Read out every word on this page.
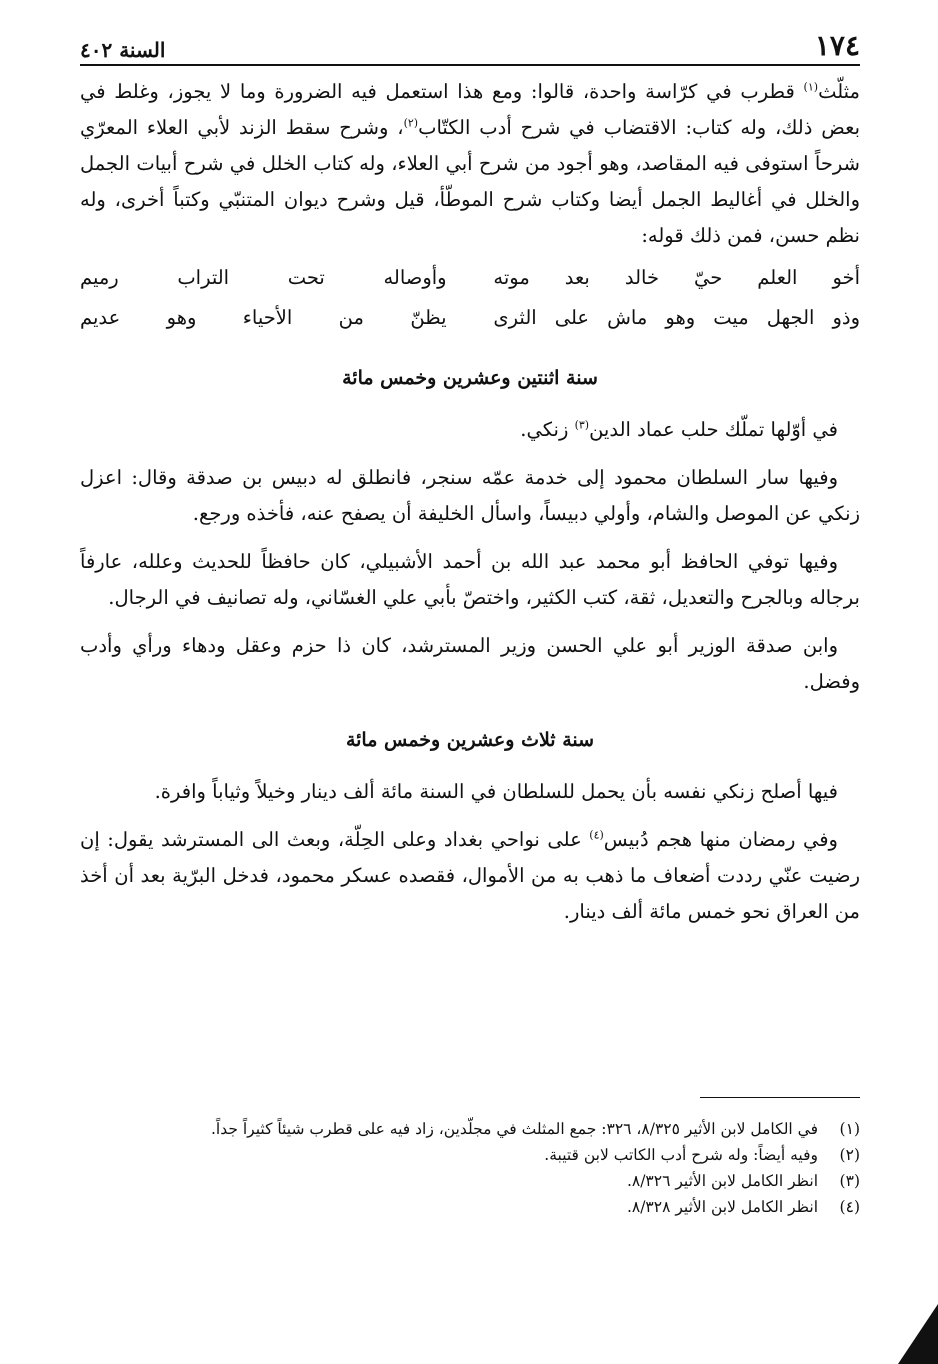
١٧٤
السنة ٤٠٢

مثلّث$^{(١)}$ قطرب في كرّاسة واحدة، قالوا: ومع هذا استعمل فيه الضرورة وما لا يجوز، وغلط في بعض ذلك، وله كتاب: الاقتضاب في شرح أدب الكتّاب$^{(٢)}$، وشرح سقط الزند لأبي العلاء المعرّي شرحاً استوفى فيه المقاصد، وهو أجود من شرح أبي العلاء، وله كتاب الخلل في شرح أبيات الجمل والخلل في أغاليط الجمل أيضا وكتاب شرح الموطّأ، قيل وشرح ديوان المتنبّي وكتباً أخرى، وله نظم حسن، فمن ذلك قوله:

أخو العلم حيّ خالد بعد موته
وأوصاله تحت التراب رميم
وذو الجهل ميت وهو ماش على الثرى
يظنّ من الأحياء وهو عديم

سنة اثنتين وعشرين وخمس مائة

في أوّلها تملّك حلب عماد الدين$^{(٣)}$ زنكي.

وفيها سار السلطان محمود إلى خدمة عمّه سنجر، فانطلق له دبيس بن صدقة وقال: اعزل زنكي عن الموصل والشام، وأولي دبيساً، واسأل الخليفة أن يصفح عنه، فأخذه ورجع.

وفيها توفي الحافظ أبو محمد عبد الله بن أحمد الأشبيلي، كان حافظاً للحديث وعلله، عارفاً برجاله وبالجرح والتعديل، ثقة، كتب الكثير، واختصّ بأبي علي الغسّاني، وله تصانيف في الرجال.

وابن صدقة الوزير أبو علي الحسن وزير المسترشد، كان ذا حزم وعقل ودهاء ورأي وأدب وفضل.

سنة ثلاث وعشرين وخمس مائة

فيها أصلح زنكي نفسه بأن يحمل للسلطان في السنة مائة ألف دينار وخيلاً وثياباً وافرة.

وفي رمضان منها هجم دُبيس$^{(٤)}$ على نواحي بغداد وعلى الحِلّة، وبعث الى المسترشد يقول: إن رضيت عنّي رددت أضعاف ما ذهب به من الأموال، فقصده عسكر محمود، فدخل البرّية بعد أن أخذ من العراق نحو خمس مائة ألف دينار.

(١)
في الكامل لابن الأثير ٨/٣٢٥، ٣٢٦: جمع المثلث في مجلّدين، زاد فيه على قطرب شيئاً كثيراً جداً.
(٢)
وفيه أيضاً: وله شرح أدب الكاتب لابن قتيبة.
(٣)
انظر الكامل لابن الأثير ٨/٣٢٦.
(٤)
انظر الكامل لابن الأثير ٨/٣٢٨.
